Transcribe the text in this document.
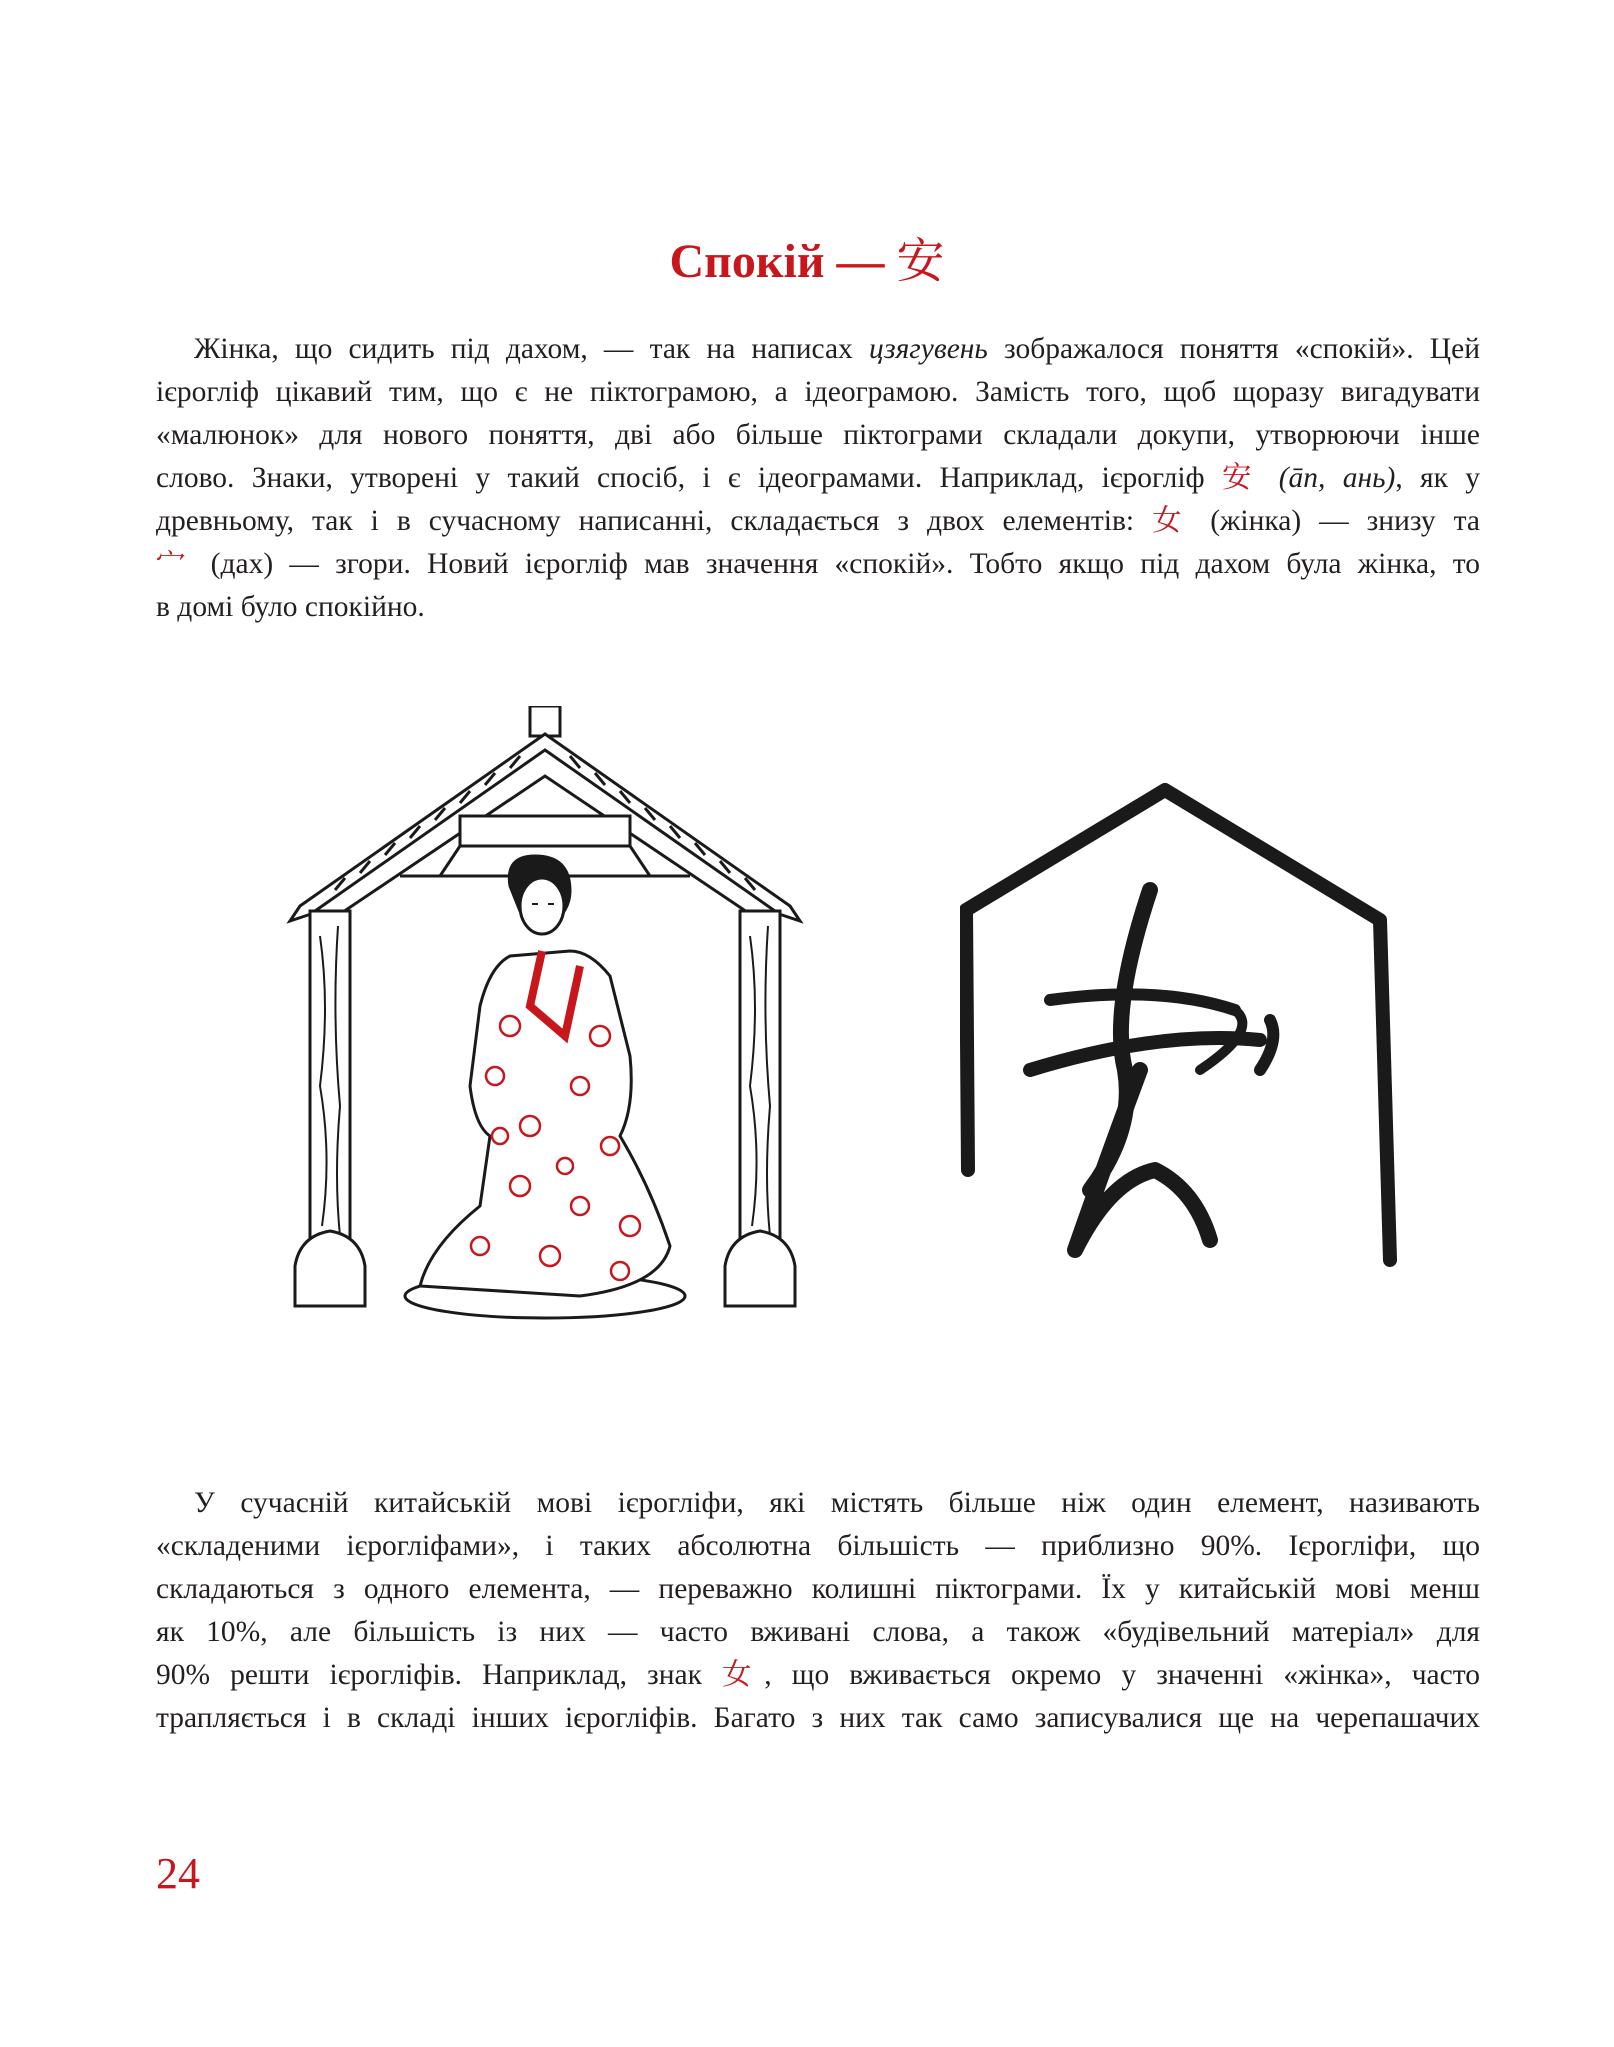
Спокій — 安
Жінка, що сидить під дахом, — так на написах цзягувень зображалося поняття «спокій». Цей
ієрогліф цікавий тим, що є не піктограмою, а ідеограмою. Замість того, щоб щоразу вигадувати
«малюнок» для нового поняття, дві або більше піктограми складали докупи, утворюючи інше
слово. Знаки, утворені у такий спосіб, і є ідеограмами. Наприклад, ієрогліф 安 (ān, ань), як у
древньому, так і в сучасному написанні, складається з двох елементів: 女 (жінка) — знизу та
宀 (дах) — згори. Новий ієрогліф мав значення «спокій». Тобто якщо під дахом була жінка, то
в домі було спокійно.
У сучасній китайській мові ієрогліфи, які містять більше ніж один елемент, називають
«складеними ієрогліфами», і таких абсолютна більшість — приблизно 90%. Ієрогліфи, що
складаються з одного елемента, — переважно колишні піктограми. Їх у китайській мові менш
як 10%, але більшість із них — часто вживані слова, а також «будівельний матеріал» для
90% решти ієрогліфів. Наприклад, знак 女, що вживається окремо у значенні «жінка», часто
трапляється і в складі інших ієрогліфів. Багато з них так само записувалися ще на черепашачих
24
